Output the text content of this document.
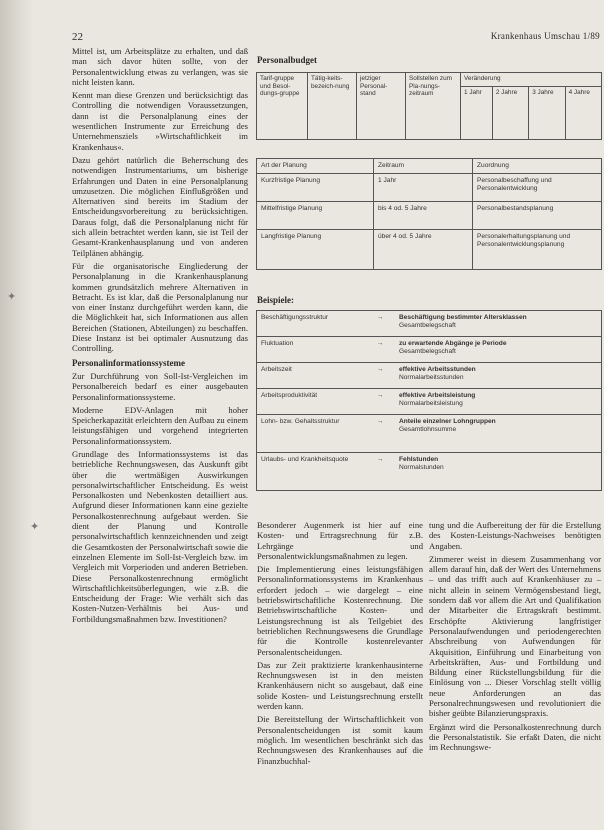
✦
✦
22	Krankenhaus Umschau 1/89

Mittel ist, um Arbeitsplätze zu erhalten, und daß man sich davor hüten sollte, von der Personalentwicklung etwas zu verlangen, was sie nicht leisten kann.

Kennt man diese Grenzen und berücksichtigt das Controlling die notwendigen Voraussetzungen, dann ist die Personalplanung eines der wesentlichen Instrumente zur Erreichung des Unternehmensziels »Wirtschaftlichkeit im Krankenhaus«.

Dazu gehört natürlich die Beherrschung des notwendigen Instrumentariums, um bisherige Erfahrungen und Daten in eine Personalplanung umzusetzen. Die möglichen Einflußgrößen und Alternativen sind bereits im Stadium der Entscheidungsvorbereitung zu berücksichtigen. Daraus folgt, daß die Personalplanung nicht für sich allein betrachtet werden kann, sie ist Teil der Gesamt-Krankenhausplanung und von anderen Teilplänen abhängig.

Für die organisatorische Eingliederung der Personalplanung in die Krankenhausplanung kommen grundsätzlich mehrere Alternativen in Betracht. Es ist klar, daß die Personalplanung nur von einer Instanz durchgeführt werden kann, die die Möglichkeit hat, sich Informationen aus allen Bereichen (Stationen, Abteilungen) zu beschaffen. Diese Instanz ist bei optimaler Ausnutzung das Controlling.

Personalinformationssysteme

Zur Durchführung von Soll-Ist-Vergleichen im Personalbereich bedarf es einer ausgebauten Personalinformationssysteme.

Moderne EDV-Anlagen mit hoher Speicherkapazität erleichtern den Aufbau zu einem leistungsfähigen und vorgehend integrierten Personalinformationssystem.

Grundlage des Informationssystems ist das betriebliche Rechnungswesen, das Auskunft gibt über die wertmäßigen Auswirkungen personalwirtschaftlicher Entscheidung. Es weist Personalkosten und Nebenkosten detailliert aus. Aufgrund dieser Informationen kann eine gezielte Personalkostenrechnung aufgebaut werden. Sie dient der Planung und Kontrolle personalwirtschaftlich kennzeichnenden und zeigt die Gesamtkosten der Personalwirtschaft sowie die einzelnen Elemente im Soll-Ist-Vergleich bzw. im Vergleich mit Vorperioden und anderen Betrieben. Diese Personalkostenrechnung ermöglicht Wirtschaftlichkeitsüberlegungen, wie z.B. die Entscheidung der Frage: Wie verhält sich das Kosten-Nutzen-Verhältnis bei Aus- und Fortbildungsmaßnahmen bzw. Investitionen?

Personalbudget
Tarif-gruppe und Besol-dungs-gruppe	Tätig-keits-bezeich-nung	jetziger Personal-stand	Sollstellen zum Pla-nungs-zeitraum	Veränderung			
				1 Jahr	2 Jahre	3 Jahre	4 Jahre
Art der Planung	Zeitraum	Zuordnung
Kurzfristige Planung	1 Jahr	Personalbeschaffung und Personalentwicklung
Mittelfristige Planung	bis 4 od. 5 Jahre	Personalbestandsplanung
Langfristige Planung	über 4 od. 5 Jahre	Personalerhaltungsplanung und Personalentwicklungsplanung
Beispiele:
Beschäftigungsstruktur	→	Beschäftigung bestimmter Altersklassen
Gesamtbelegschaft
Fluktuation	→	zu erwartende Abgänge je Periode
Gesamtbelegschaft
Arbeitszeit	→	effektive Arbeitsstunden
Normalarbeitsstunden
Arbeitsproduktivität	→	effektive Arbeitsleistung
Normalarbeitsleistung
Lohn- bzw. Gehaltsstruktur	→	Anteile einzelner Lohngruppen
Gesamtlohnsumme
Urlaubs- und Krankheitsquote	→	Fehlstunden
Normalstunden

Besonderer Augenmerk ist hier auf eine Kosten- und Ertragsrechnung für z.B. Lehrgänge und Personalentwicklungsmaßnahmen zu legen.

Die Implementierung eines leistungsfähigen Personalinformationssystems im Krankenhaus erfordert jedoch – wie dargelegt – eine betriebswirtschaftliche Kostenrechnung. Die Betriebswirtschaftliche Kosten- und Leistungsrechnung ist als Teilgebiet des betrieblichen Rechnungswesens die Grundlage für die Kontrolle kostenrelevanter Personalentscheidungen.

Das zur Zeit praktizierte krankenhausinterne Rechnungswesen ist in den meisten Krankenhäusern nicht so ausgebaut, daß eine solide Kosten- und Leistungsrechnung erstellt werden kann.

Die Bereitstellung der Wirtschaftlichkeit von Personalentscheidungen ist somit kaum möglich. Im wesentlichen beschränkt sich das Rechnungswesen des Krankenhauses auf die Finanzbuchhal-

tung und die Aufbereitung der für die Erstellung des Kosten-Leistungs-Nachweises benötigten Angaben.

Zimmerer weist in diesem Zusammenhang vor allem darauf hin, daß der Wert des Unternehmens – und das trifft auch auf Krankenhäuser zu – nicht allein in seinem Vermögensbestand liegt, sondern daß vor allem die Art und Qualifikation der Mitarbeiter die Ertragskraft bestimmt. Erschöpfte Aktivierung langfristiger Personalaufwendungen und periodengerechten Abschreibung von Aufwendungen für Akquisition, Einführung und Einarbeitung von Arbeitskräften, Aus- und Fortbildung und Bildung einer Rückstellungsbildung für die Einlösung von ... Dieser Vorschlag stellt völlig neue Anforderungen an das Personalrechnungswesen und revolutioniert die bisher geübte Bilanzierungspraxis.

Ergänzt wird die Personalkostenrechnung durch die Personalstatistik. Sie erfaßt Daten, die nicht im Rechnungswe-
